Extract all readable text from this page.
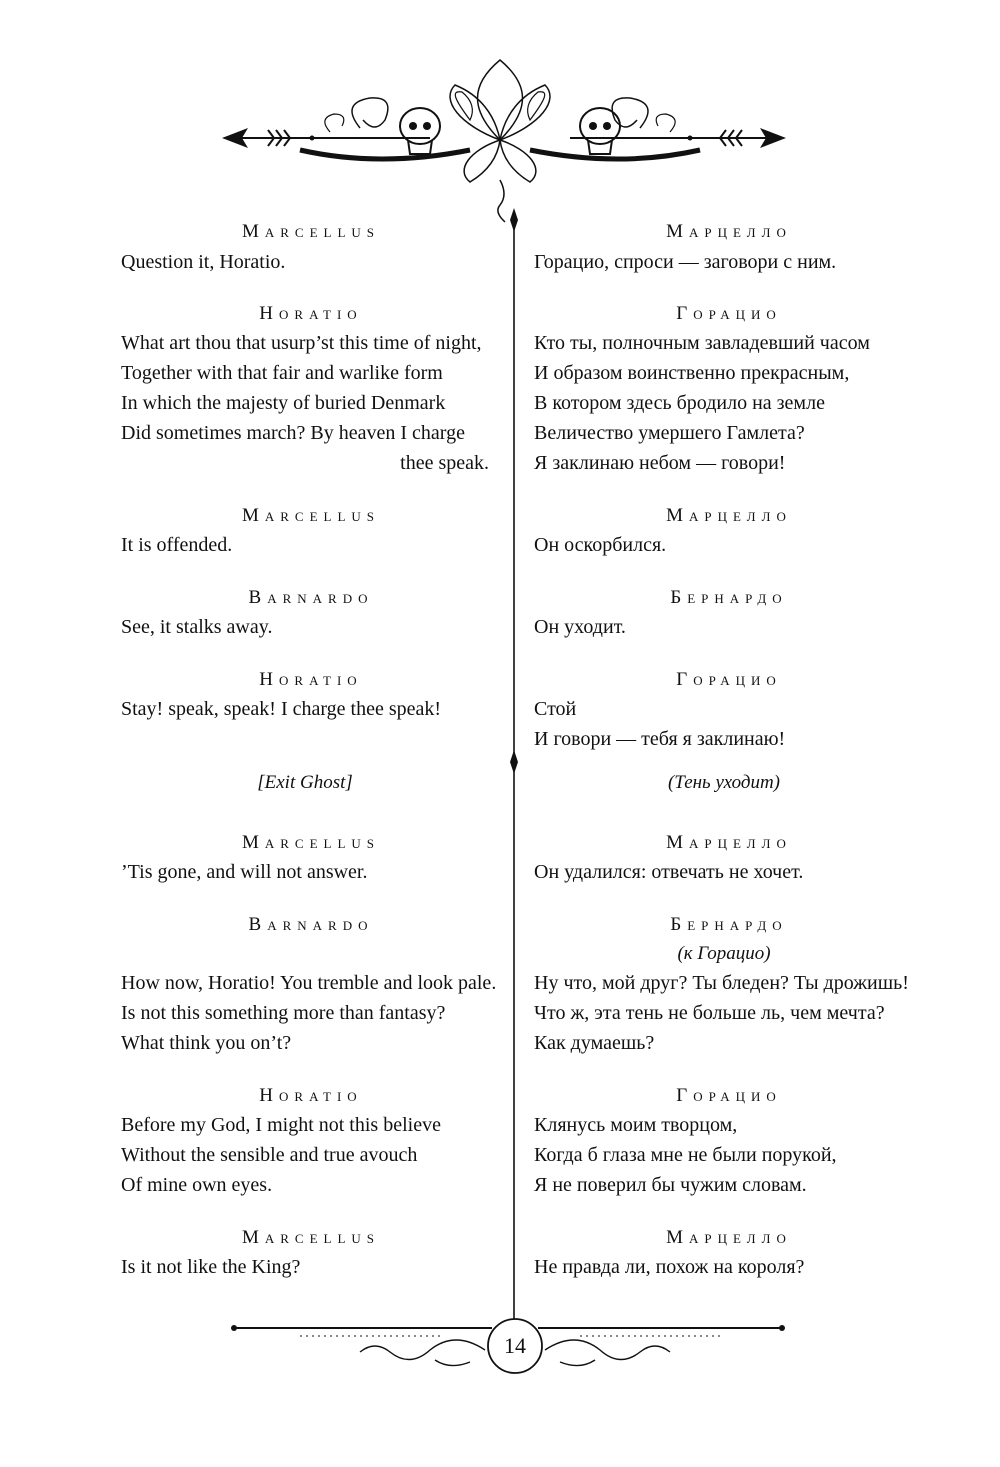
14
Marcellus
Question it, Horatio.
Horatio
What art thou that usurp’st this time of night,
Together with that fair and warlike form
In which the majesty of buried Denmark
Did sometimes march? By heaven I charge
thee speak.
Marcellus
It is offended.
Barnardo
See, it stalks away.
Horatio
Stay! speak, speak! I charge thee speak!
[Exit Ghost]
Marcellus
’Tis gone, and will not answer.
Barnardo
How now, Horatio! You tremble and look pale.
Is not this something more than fantasy?
What think you on’t?
Horatio
Before my God, I might not this believe
Without the sensible and true avouch
Of mine own eyes.
Marcellus
Is it not like the King?
Марцелло
Горацио, спроси — заговори с ним.
Горацио
Кто ты, полночным завладевший часом
И образом воинственно прекрасным,
В котором здесь бродило на земле
Величество умершего Гамлета?
Я заклинаю небом — говори!
Марцелло
Он оскорбился.
Бернардо
Он уходит.
Горацио
Стой
И говори — тебя я заклинаю!
(Тень уходит)
Марцелло
Он удалился: отвечать не хочет.
Бернардо
(к Горацио)
Ну что, мой друг? Ты бледен? Ты дрожишь!
Что ж, эта тень не больше ль, чем мечта?
Как думаешь?
Горацио
Клянусь моим творцом,
Когда б глаза мне не были порукой,
Я не поверил бы чужим словам.
Марцелло
Не правда ли, похож на короля?
